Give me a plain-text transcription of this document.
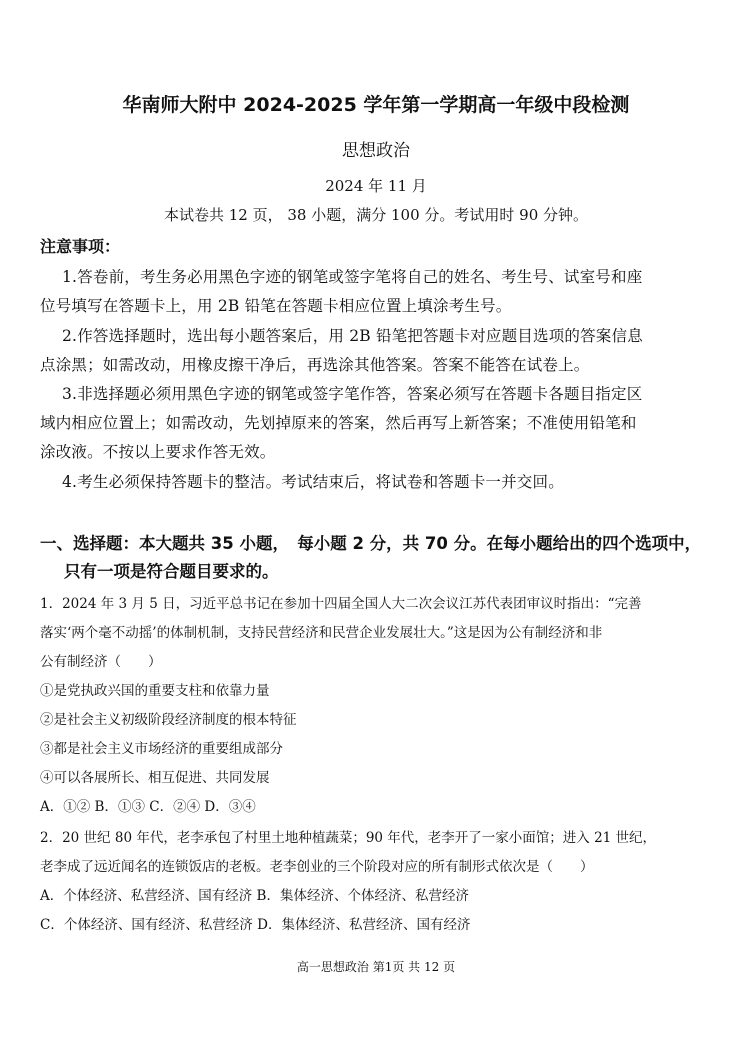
华南师大附中 2024-2025 学年第一学期高一年级中段检测
思想政治
2024 年 11 月
本试卷共 12 页， 38 小题，满分 100 分。考试用时 90 分钟。
注意事项：
1.答卷前，考生务必用黑色字迹的钢笔或签字笔将自己的姓名、考生号、试室号和座
位号填写在答题卡上，用 2B 铅笔在答题卡相应位置上填涂考生号。
2.作答选择题时，选出每小题答案后，用 2B 铅笔把答题卡对应题目选项的答案信息
点涂黑；如需改动，用橡皮擦干净后，再选涂其他答案。答案不能答在试卷上。
3.非选择题必须用黑色字迹的钢笔或签字笔作答，答案必须写在答题卡各题目指定区
域内相应位置上；如需改动，先划掉原来的答案，然后再写上新答案；不准使用铅笔和
涂改液。不按以上要求作答无效。
4.考生必须保持答题卡的整洁。考试结束后，将试卷和答题卡一并交回。
一、选择题：本大题共 35 小题，　每小题 2 分，共 70 分。在每小题给出的四个选项中，
只有一项是符合题目要求的。
1．2024 年 3 月 5 日，习近平总书记在参加十四届全国人大二次会议江苏代表团审议时指出：“完善
落实‘两个毫不动摇’的体制机制，支持民营经济和民营企业发展壮大。”这是因为公有制经济和非
公有制经济（　　）
①是党执政兴国的重要支柱和依靠力量
②是社会主义初级阶段经济制度的根本特征
③都是社会主义市场经济的重要组成部分
④可以各展所长、相互促进、共同发展
A．①② B．①③ C．②④ D．③④
2．20 世纪 80 年代，老李承包了村里土地种植蔬菜；90 年代，老李开了一家小面馆；进入 21 世纪，
老李成了远近闻名的连锁饭店的老板。老李创业的三个阶段对应的所有制形式依次是（　　）
A．个体经济、私营经济、国有经济 B．集体经济、个体经济、私营经济
C．个体经济、国有经济、私营经济 D．集体经济、私营经济、国有经济
高一思想政治 第1页 共 12 页
